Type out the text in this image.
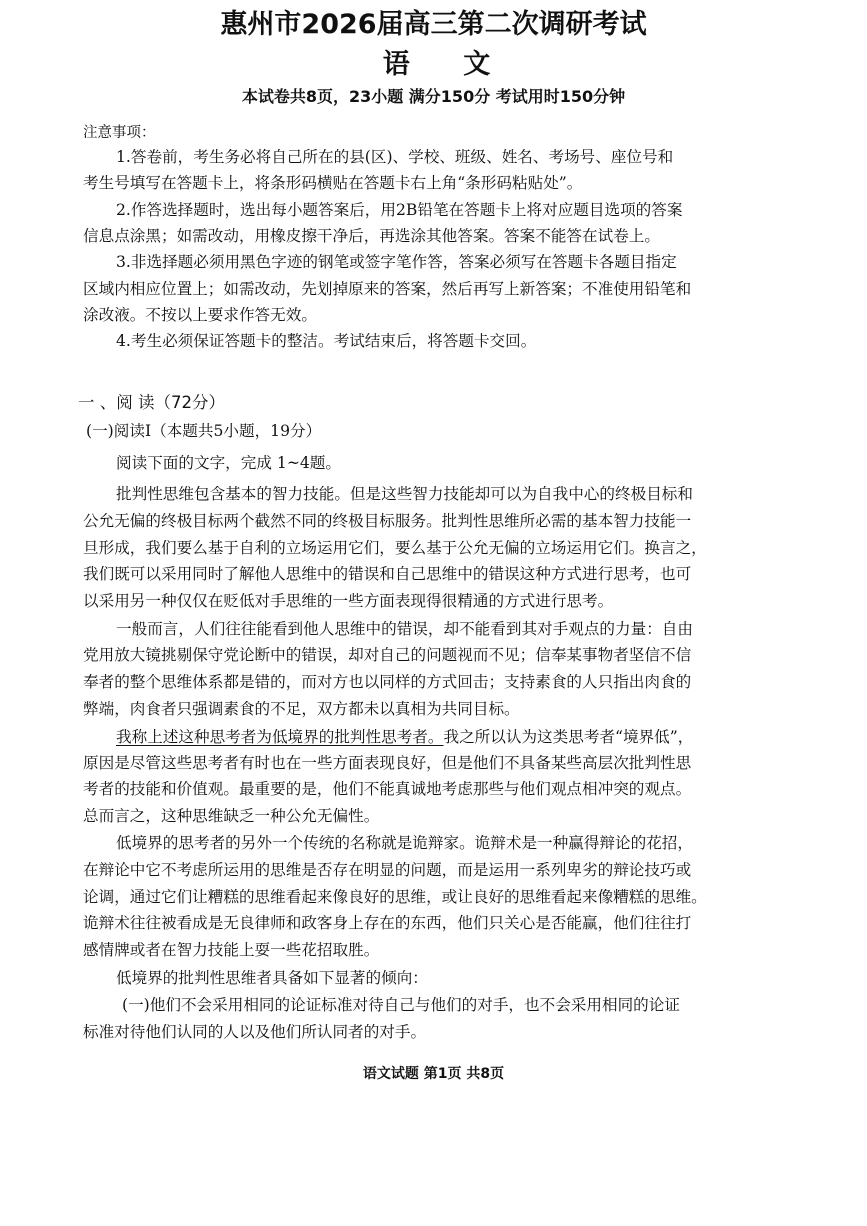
惠州市2026届高三第二次调研考试
语 文
本试卷共8页，23小题 满分150分 考试用时150分钟
注意事项：
1.答卷前，考生务必将自己所在的县(区)、学校、班级、姓名、考场号、座位号和
考生号填写在答题卡上，将条形码横贴在答题卡右上角“条形码粘贴处”。
2.作答选择题时，选出每小题答案后，用2B铅笔在答题卡上将对应题目选项的答案
信息点涂黑；如需改动，用橡皮擦干净后，再选涂其他答案。答案不能答在试卷上。
3.非选择题必须用黑色字迹的钢笔或签字笔作答，答案必须写在答题卡各题目指定
区域内相应位置上；如需改动，先划掉原来的答案，然后再写上新答案；不准使用铅笔和
涂改液。不按以上要求作答无效。
4.考生必须保证答题卡的整洁。考试结束后，将答题卡交回。
一 、阅 读（72分）
(一)阅读Ⅰ（本题共5小题，19分）
阅读下面的文字，完成 1~4题。
批判性思维包含基本的智力技能。但是这些智力技能却可以为自我中心的终极目标和
公允无偏的终极目标两个截然不同的终极目标服务。批判性思维所必需的基本智力技能一
旦形成，我们要么基于自利的立场运用它们，要么基于公允无偏的立场运用它们。换言之，
我们既可以采用同时了解他人思维中的错误和自己思维中的错误这种方式进行思考，也可
以采用另一种仅仅在贬低对手思维的一些方面表现得很精通的方式进行思考。
一般而言，人们往往能看到他人思维中的错误，却不能看到其对手观点的力量：自由
党用放大镜挑剔保守党论断中的错误，却对自己的问题视而不见；信奉某事物者坚信不信
奉者的整个思维体系都是错的，而对方也以同样的方式回击；支持素食的人只指出肉食的
弊端，肉食者只强调素食的不足，双方都未以真相为共同目标。
我称上述这种思考者为低境界的批判性思考者。我之所以认为这类思考者“境界低”，
原因是尽管这些思考者有时也在一些方面表现良好，但是他们不具备某些高层次批判性思
考者的技能和价值观。最重要的是，他们不能真诚地考虑那些与他们观点相冲突的观点。
总而言之，这种思维缺乏一种公允无偏性。
低境界的思考者的另外一个传统的名称就是诡辩家。诡辩术是一种赢得辩论的花招，
在辩论中它不考虑所运用的思维是否存在明显的问题，而是运用一系列卑劣的辩论技巧或
论调，通过它们让糟糕的思维看起来像良好的思维，或让良好的思维看起来像糟糕的思维。
诡辩术往往被看成是无良律师和政客身上存在的东西，他们只关心是否能赢，他们往往打
感情牌或者在智力技能上耍一些花招取胜。
低境界的批判性思维者具备如下显著的倾向：
(一)他们不会采用相同的论证标准对待自己与他们的对手，也不会采用相同的论证
标准对待他们认同的人以及他们所认同者的对手。
语文试题 第1页 共8页
